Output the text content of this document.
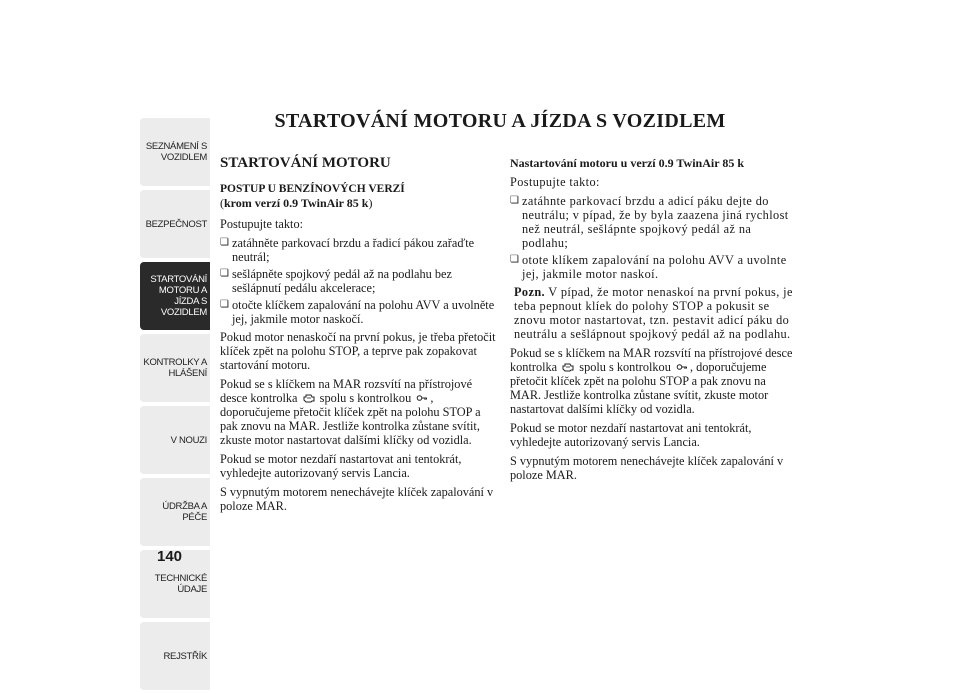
SEZNÁMENÍ S VOZIDLEM
BEZPEČNOST
STARTOVÁNÍ MOTORU A JÍZDA S VOZIDLEM
KONTROLKY A HLÁŠENÍ
V NOUZI
ÚDRŽBA A PÉČE
TECHNICKÉ ÚDAJE
REJSTŘÍK
140
STARTOVÁNÍ MOTORU A JÍZDA S VOZIDLEM
STARTOVÁNÍ MOTORU
POSTUP U BENZÍNOVÝCH VERZÍ
(krom verzí 0.9 TwinAir 85 k)

Postupujte takto:

❏ zatáhněte parkovací brzdu a řadicí pákou zařaďte neutrál;
❏ sešlápněte spojkový pedál až na podlahu bez sešlápnutí pedálu akcelerace;
❏ otočte klíčkem zapalování na polohu AVV a uvolněte jej, jakmile motor naskočí.

Pokud motor nenaskočí na první pokus, je třeba přetočit klíček zpět na polohu STOP, a teprve pak zopakovat startování motoru.

Pokud se s klíčkem na MAR rozsvítí na přístrojové desce kontrolka spolu s kontrolkou , doporučujeme přetočit klíček zpět na polohu STOP a pak znovu na MAR. Jestliže kontrolka zůstane svítit, zkuste motor nastartovat dalšími klíčky od vozidla.

Pokud se motor nezdaří nastartovat ani tentokrát, vyhledejte autorizovaný servis Lancia.

S vypnutým motorem nenechávejte klíček zapalování v poloze MAR.

Nastartování motoru u verzí 0.9 TwinAir 85 k

Postupujte takto:

❏ zatáhnte parkovací brzdu a adicí páku dejte do neutrálu; v pípad, že by byla zaazena jiná rychlost než neutrál, sešlápnte spojkový pedál až na podlahu;
❏ otote klíkem zapalování na polohu AVV a uvolnte jej, jakmile motor naskoí.

Pozn. V pípad, že motor nenaskoí na první pokus, je teba pepnout klíek do polohy STOP a pokusit se znovu motor nastartovat, tzn. pestavit adicí páku do neutrálu a sešlápnout spojkový pedál až na podlahu.

Pokud se s klíčkem na MAR rozsvítí na přístrojové desce kontrolka spolu s kontrolkou , doporučujeme přetočit klíček zpět na polohu STOP a pak znovu na MAR. Jestliže kontrolka zůstane svítit, zkuste motor nastartovat dalšími klíčky od vozidla.

Pokud se motor nezdaří nastartovat ani tentokrát, vyhledejte autorizovaný servis Lancia.

S vypnutým motorem nenechávejte klíček zapalování v poloze MAR.
